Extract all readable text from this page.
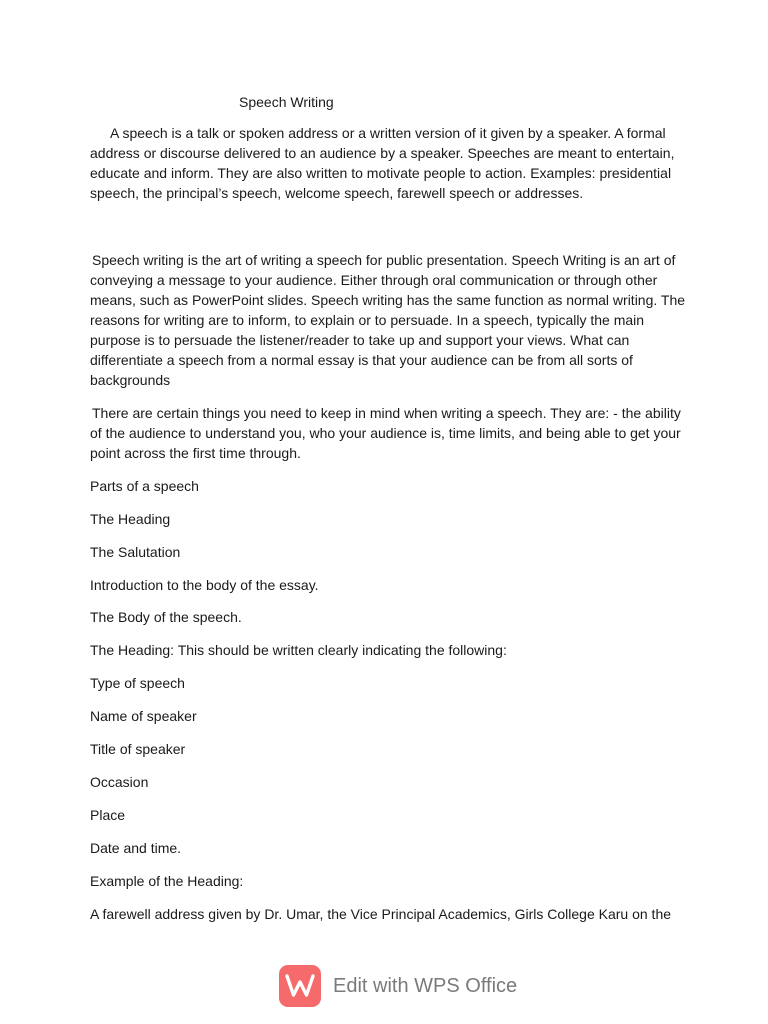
Speech Writing

A speech is a talk or spoken address or a written version of it given by a speaker. A formal address or discourse delivered to an audience by a speaker. Speeches are meant to entertain, educate and inform. They are also written to motivate people to action. Examples: presidential speech, the principal’s speech, welcome speech, farewell speech or addresses.

Speech writing is the art of writing a speech for public presentation. Speech Writing is an art of conveying a message to your audience. Either through oral communication or through other means, such as PowerPoint slides. Speech writing has the same function as normal writing. The reasons for writing are to inform, to explain or to persuade. In a speech, typically the main purpose is to persuade the listener/reader to take up and support your views. What can differentiate a speech from a normal essay is that your audience can be from all sorts of backgrounds

There are certain things you need to keep in mind when writing a speech. They are: - the ability of the audience to understand you, who your audience is, time limits, and being able to get your point across the first time through.

Parts of a speech
The Heading
The Salutation
Introduction to the body of the essay.
The Body of the speech.
The Heading: This should be written clearly indicating the following:
Type of speech
Name of speaker
Title of speaker
Occasion
Place
Date and time.
Example of the Heading:
A farewell address given by Dr. Umar, the Vice Principal Academics, Girls College Karu on the
Edit with WPS Office
